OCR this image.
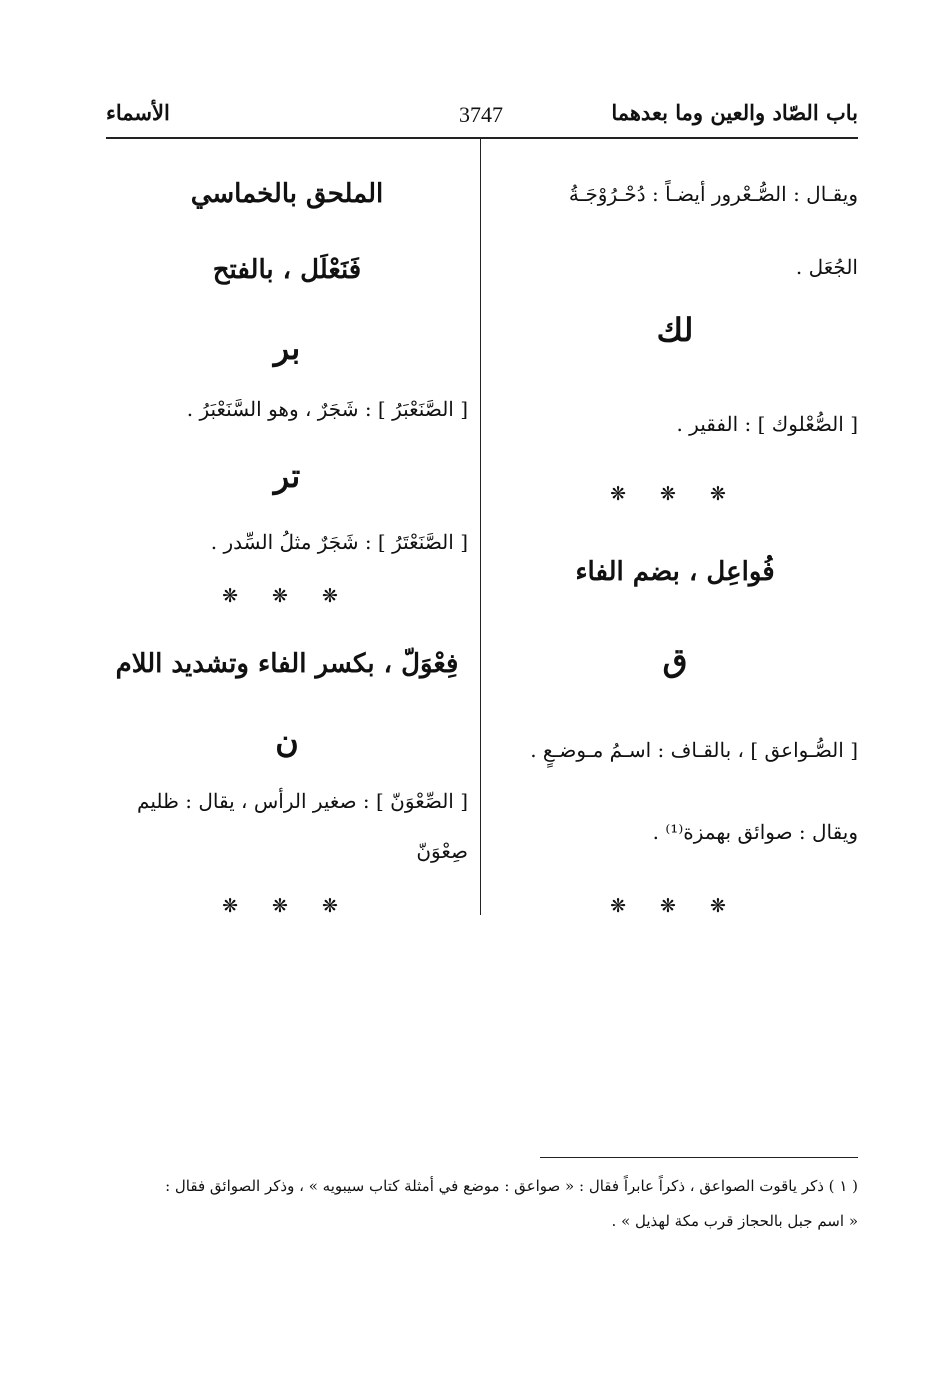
باب الصّاد والعين وما بعدهما
3747
الأسماء
ويقـال : الصُّـعْرور أيضـاً : دُحْـرُوْجَـةُ
الجُعَل .
لك
[ الصُّعْلوك ] : الفقير .
❋ ❋ ❋
فُواعِل ، بضم الفاء
ق
[ الصُّـواعق ] ، بالقـاف : اسـمُ مـوضـعٍ .
ويقال : صوائق بهمزة⁽¹⁾ .
❋ ❋ ❋
الملحق بالخماسي
فَنَعْلَل ، بالفتح
بر
[ الصَّنَعْبَرُ ] : شَجَرٌ ، وهو السَّنَعْبَرُ .
تر
[ الصَّنَعْتَرُ ] : شَجَرٌ مثلُ السِّدر .
❋ ❋ ❋
فِعْوَلّ ، بكسر الفاء وتشديد اللام
ن
[ الصِّعْوَنّ ] : صغير الرأس ، يقال : ظليم
صِعْوَنّ
❋ ❋ ❋
( ١ ) ذكر ياقوت الصواعق ، ذكراً عابراً فقال : « صواعق : موضع في أمثلة كتاب سيبويه » ، وذكر الصوائق فقال :
« اسم جبل بالحجاز قرب مكة لهذيل » .
